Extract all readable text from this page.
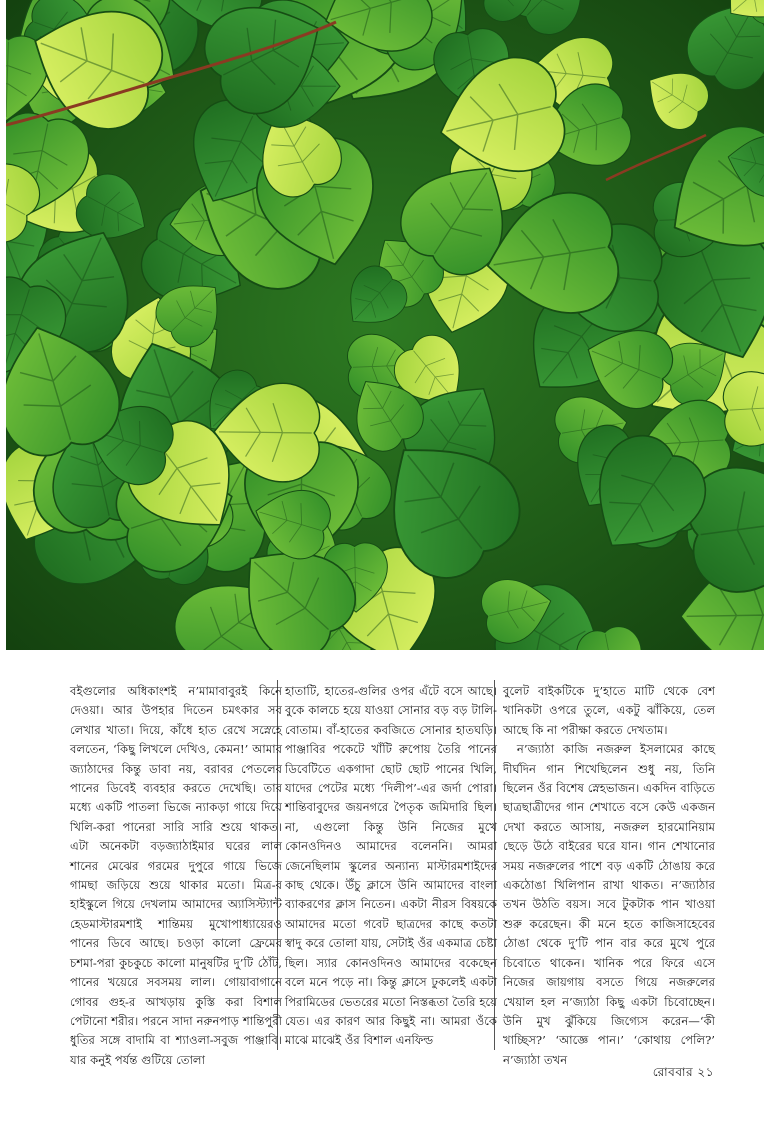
বইগুলোর অধিকাংশই ন’মামাবাবুরই কিনে দেওয়া। আর উপহার দিতেন চমৎকার সব লেখার খাতা। দিয়ে, কাঁধে হাত রেখে সস্নেহে বলতেন, ‘কিছু লিখলে দেখিও, কেমন!’ আমার জ্যাঠাদের কিন্তু ডাবা নয়, বরাবর পেতলের পানের ডিবেই ব্যবহার করতে দেখেছি। তার মধ্যে একটি পাতলা ভিজে ন্যাকড়া গায়ে দিয়ে খিলি-করা পানেরা সারি সারি শুয়ে থাকত। এটা অনেকটা বড়জ্যাঠাইমার ঘরের লাল শানের মেঝের গরমের দুপুরে গায়ে ভিজে গামছা জড়িয়ে শুয়ে থাকার মতো। মিত্র-র হাইস্কুলে গিয়ে দেখলাম আমাদের অ্যাসিস্ট্যান্ট হেডমাস্টারমশাই শান্তিময় মুখোপাধ্যায়েরও পানের ডিবে আছে। চওড়া কালো ফ্রেমের চশমা-পরা কুচকুচে কালো মানুষটির দু’টি ঠোঁট, পানের খয়েরে সবসময় লাল। গোয়াবাগানে গোবর গুহ-র আখড়ায় কুস্তি করা বিশাল পেটানো শরীর। পরনে সাদা নরুনপাড় শান্তিপুরী ধুতির সঙ্গে বাদামি বা শ্যাওলা-সবুজ পাঞ্জাবি। যার কনুই পর্যন্ত গুটিয়ে তোলা

হাতাটি, হাতের-গুলির ওপর এঁটে বসে আছে। বুকে কালচে হয়ে যাওয়া সোনার বড় বড় টালি-বোতাম। বাঁ-হাতের কবজিতে সোনার হাতঘড়ি। পাঞ্জাবির পকেটে খাঁটি রুপোয় তৈরি পানের ডিবেটিতে একগাদা ছোট ছোট পানের খিলি, যাদের পেটের মধ্যে ‘দিলীপ’-এর জর্দা পোরা। শান্তিবাবুদের জয়নগরে পৈতৃক জমিদারি ছিল। না, এগুলো কিন্তু উনি নিজের মুখে কোনওদিনও আমাদের বলেননি। আমরা জেনেছিলাম স্কুলের অন্যান্য মাস্টারমশাইদের কাছ থেকে। উঁচু ক্লাসে উনি আমাদের বাংলা ব্যাকরণের ক্লাস নিতেন। একটা নীরস বিষয়কে আমাদের মতো গবেট ছাত্রদের কাছে কতটা স্বাদু করে তোলা যায়, সেটাই ওঁর একমাত্র চেষ্টা ছিল। স্যার কোনওদিনও আমাদের বকেছেন বলে মনে পড়ে না। কিন্তু ক্লাসে ঢুকলেই একটা পিরামিডের ভেতরের মতো নিস্তব্ধতা তৈরি হয়ে যেত। এর কারণ আর কিছুই না। আমরা ওঁকে মাঝে মাঝেই ওঁর বিশাল এনফিল্ড

বুলেট বাইকটিকে দু’হাতে মাটি থেকে বেশ খানিকটা ওপরে তুলে, একটু ঝাঁকিয়ে, তেল আছে কি না পরীক্ষা করতে দেখতাম।

ন’জ্যাঠা কাজি নজরুল ইসলামের কাছে দীর্ঘদিন গান শিখেছিলেন শুধু নয়, তিনি ছিলেন ওঁর বিশেষ স্নেহভাজন। একদিন বাড়িতে ছাত্রছাত্রীদের গান শেখাতে বসে কেউ একজন দেখা করতে আসায়, নজরুল হারমোনিয়াম ছেড়ে উঠে বাইরের ঘরে যান। গান শেখানোর সময় নজরুলের পাশে বড় একটি ঠোঙায় করে একঠোঙা খিলিপান রাখা থাকত। ন’জ্যাঠার তখন উঠতি বয়স। সবে টুকটাক পান খাওয়া শুরু করেছেন। কী মনে হতে কাজিসাহেবের ঠোঙা থেকে দু’টি পান বার করে মুখে পুরে চিবোতে থাকেন। খানিক পরে ফিরে এসে নিজের জায়গায় বসতে গিয়ে নজরুলের খেয়াল হল ন’জ্যাঠা কিছু একটা চিবোচ্ছেন। উনি মুখ ঝুঁকিয়ে জিগ্যেস করেন—‘কী খাচ্ছিস?’ ‘আজ্ঞে পান।’ ‘কোথায় পেলি?’ ন’জ্যাঠা তখন

রোববার ২১
